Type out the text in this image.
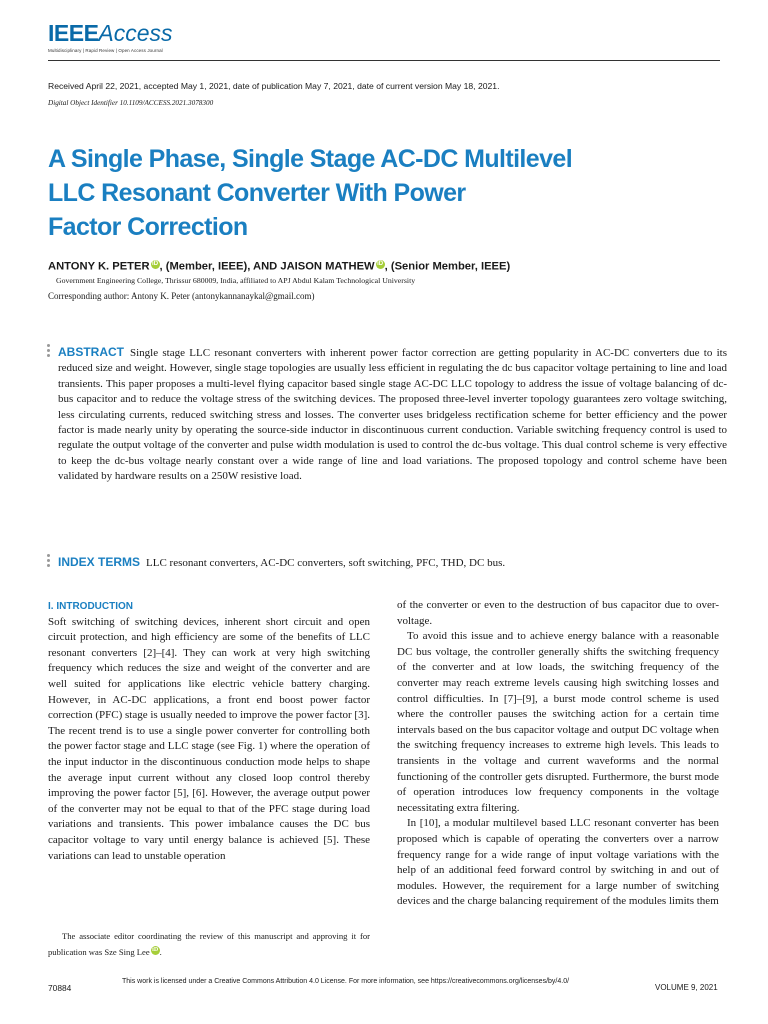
IEEEAccess
Multidisciplinary | Rapid Review | Open Access Journal
Received April 22, 2021, accepted May 1, 2021, date of publication May 7, 2021, date of current version May 18, 2021.
Digital Object Identifier 10.1109/ACCESS.2021.3078300
A Single Phase, Single Stage AC-DC Multilevel
LLC Resonant Converter With Power
Factor Correction
ANTONY K. PETER iD , (Member, IEEE), AND JAISON MATHEW iD , (Senior Member, IEEE)
Government Engineering College, Thrissur 680009, India, affiliated to APJ Abdul Kalam Technological University
Corresponding author: Antony K. Peter (antonykannanaykal@gmail.com)
ABSTRACT Single stage LLC resonant converters with inherent power factor correction are getting popularity in AC-DC converters due to its reduced size and weight. However, single stage topologies are usually less efficient in regulating the dc bus capacitor voltage pertaining to line and load transients. This paper proposes a multi-level flying capacitor based single stage AC-DC LLC topology to address the issue of voltage balancing of dc-bus capacitor and to reduce the voltage stress of the switching devices. The proposed three-level inverter topology guarantees zero voltage switching, less circulating currents, reduced switching stress and losses. The converter uses bridgeless rectification scheme for better efficiency and the power factor is made nearly unity by operating the source-side inductor in discontinuous current conduction. Variable switching frequency control is used to regulate the output voltage of the converter and pulse width modulation is used to control the dc-bus voltage. This dual control scheme is very effective to keep the dc-bus voltage nearly constant over a wide range of line and load variations. The proposed topology and control scheme have been validated by hardware results on a 250W resistive load.
INDEX TERMS LLC resonant converters, AC-DC converters, soft switching, PFC, THD, DC bus.
I. INTRODUCTION

Soft switching of switching devices, inherent short circuit and open circuit protection, and high efficiency are some of the benefits of LLC resonant converters [2]–[4]. They can work at very high switching frequency which reduces the size and weight of the converter and are well suited for applications like electric vehicle battery charging. However, in AC-DC applications, a front end boost power factor correction (PFC) stage is usually needed to improve the power factor [3]. The recent trend is to use a single power converter for controlling both the power factor stage and LLC stage (see Fig. 1) where the operation of the input inductor in the discontinuous conduction mode helps to shape the average input current without any closed loop control thereby improving the power factor [5], [6]. However, the average output power of the converter may not be equal to that of the PFC stage during load variations and transients. This power imbalance causes the DC bus capacitor voltage to vary until energy balance is achieved [5]. These variations can lead to unstable operation

of the converter or even to the destruction of bus capacitor due to over-voltage.

To avoid this issue and to achieve energy balance with a reasonable DC bus voltage, the controller generally shifts the switching frequency of the converter and at low loads, the switching frequency of the converter may reach extreme levels causing high switching losses and control difficulties. In [7]–[9], a burst mode control scheme is used where the controller pauses the switching action for a certain time intervals based on the bus capacitor voltage and output DC voltage when the switching frequency increases to extreme high levels. This leads to transients in the voltage and current waveforms and the normal functioning of the controller gets disrupted. Furthermore, the burst mode of operation introduces low frequency components in the voltage necessitating extra filtering.

In [10], a modular multilevel based LLC resonant converter has been proposed which is capable of operating the converters over a narrow frequency range for a wide range of input voltage variations with the help of an additional feed forward control by switching in and out of modules. However, the requirement for a large number of switching devices and the charge balancing requirement of the modules limits them

The associate editor coordinating the review of this manuscript and approving it for publication was Sze Sing Lee iD .
70884
This work is licensed under a Creative Commons Attribution 4.0 License. For more information, see https://creativecommons.org/licenses/by/4.0/
VOLUME 9, 2021
